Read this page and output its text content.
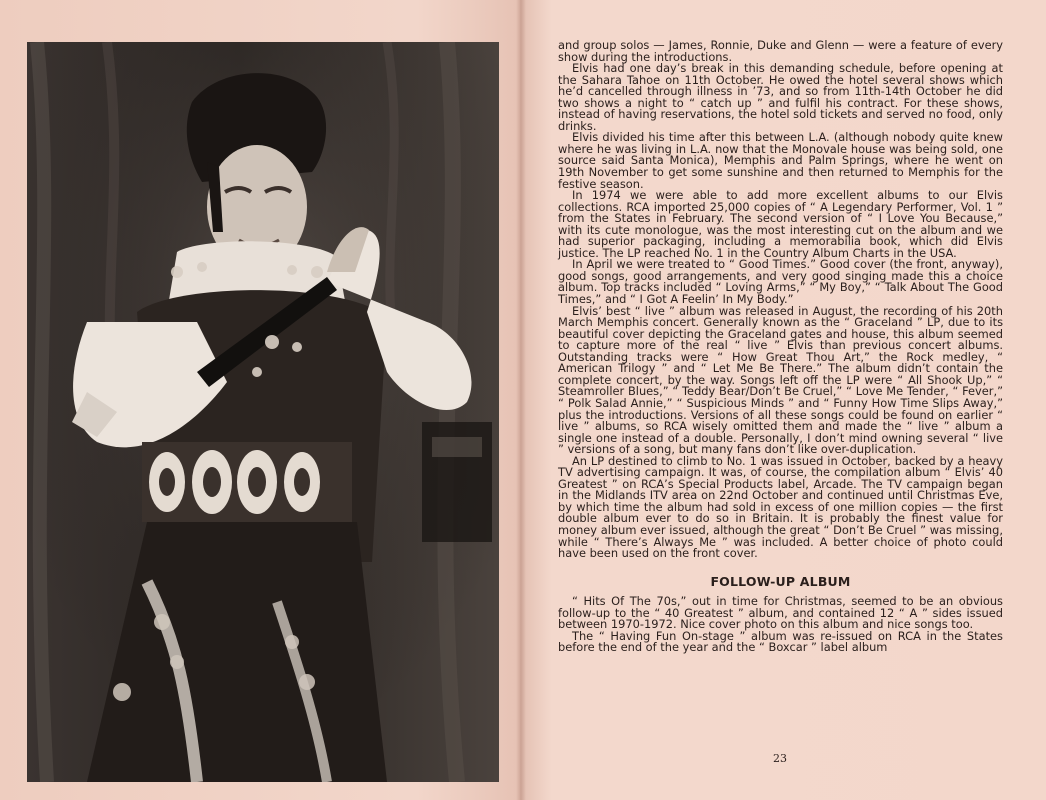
and group solos — James, Ronnie, Duke and Glenn — were a feature of every show during the introductions.

Elvis had one day’s break in this demanding schedule, before opening at the Sahara Tahoe on 11th October. He owed the hotel several shows which he’d cancelled through illness in ’73, and so from 11th-14th October he did two shows a night to “ catch up ” and fulfil his contract. For these shows, instead of having reservations, the hotel sold tickets and served no food, only drinks.

Elvis divided his time after this between L.A. (although nobody quite knew where he was living in L.A. now that the Monovale house was being sold, one source said Santa Monica), Memphis and Palm Springs, where he went on 19th November to get some sunshine and then returned to Memphis for the festive season.

In 1974 we were able to add more excellent albums to our Elvis collections. RCA imported 25,000 copies of “ A Legendary Performer, Vol. 1 ” from the States in February. The second version of “ I Love You Because,” with its cute monologue, was the most interesting cut on the album and we had superior packaging, including a memorabilia book, which did Elvis justice. The LP reached No. 1 in the Country Album Charts in the USA.

In April we were treated to “ Good Times.” Good cover (the front, anyway), good songs, good arrangements, and very good singing made this a choice album. Top tracks included “ Loving Arms,” “ My Boy,” “ Talk About The Good Times,” and “ I Got A Feelin’ In My Body.”

Elvis’ best “ live ” album was released in August, the recording of his 20th March Memphis concert. Generally known as the “ Graceland ” LP, due to its beautiful cover depicting the Graceland gates and house, this album seemed to capture more of the real “ live ” Elvis than previous concert albums. Outstanding tracks were “ How Great Thou Art,” the Rock medley, “ American Trilogy ” and “ Let Me Be There.” The album didn’t contain the complete concert, by the way. Songs left off the LP were “ All Shook Up,” “ Steamroller Blues,” “ Teddy Bear/Don’t Be Cruel,” “ Love Me Tender, “ Fever,” “ Polk Salad Annie,” “ Suspicious Minds ” and “ Funny How Time Slips Away,” plus the introductions. Versions of all these songs could be found on earlier “ live ” albums, so RCA wisely omitted them and made the “ live ” album a single one instead of a double. Personally, I don’t mind owning several “ live ” versions of a song, but many fans don’t like over-duplication.

An LP destined to climb to No. 1 was issued in October, backed by a heavy TV advertising campaign. It was, of course, the compilation album “ Elvis’ 40 Greatest ” on RCA’s Special Products label, Arcade. The TV campaign began in the Midlands ITV area on 22nd October and continued until Christmas Eve, by which time the album had sold in excess of one million copies — the first double album ever to do so in Britain. It is probably the finest value for money album ever issued, although the great “ Don’t Be Cruel ” was missing, while “ There’s Always Me ” was included. A better choice of photo could have been used on the front cover.

FOLLOW-UP ALBUM

“ Hits Of The 70s,” out in time for Christmas, seemed to be an obvious follow-up to the “ 40 Greatest ” album, and contained 12 “ A ” sides issued between 1970-1972. Nice cover photo on this album and nice songs too.

The “ Having Fun On-stage ” album was re-issued on RCA in the States before the end of the year and the “ Boxcar ” label album

23
